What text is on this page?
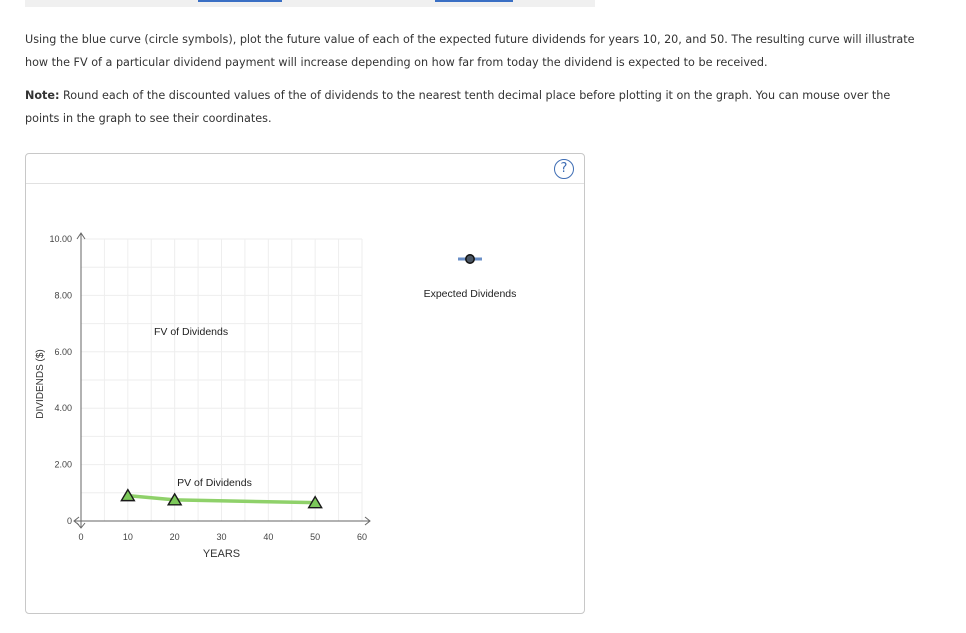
Using the blue curve (circle symbols), plot the future value of each of the expected future dividends for years 10, 20, and 50. The resulting curve will illustrate how the FV of a particular dividend payment will increase depending on how far from today the dividend is expected to be received.
Note: Round each of the discounted values of the of dividends to the nearest tenth decimal place before plotting it on the graph. You can mouse over the points in the graph to see their coordinates.
?
0	10	20	30	40	50	60
0
2.00
4.00
6.00
8.00
10.00
YEARS
DIVIDENDS ($)
FV of Dividends
PV of Dividends
Expected Dividends
